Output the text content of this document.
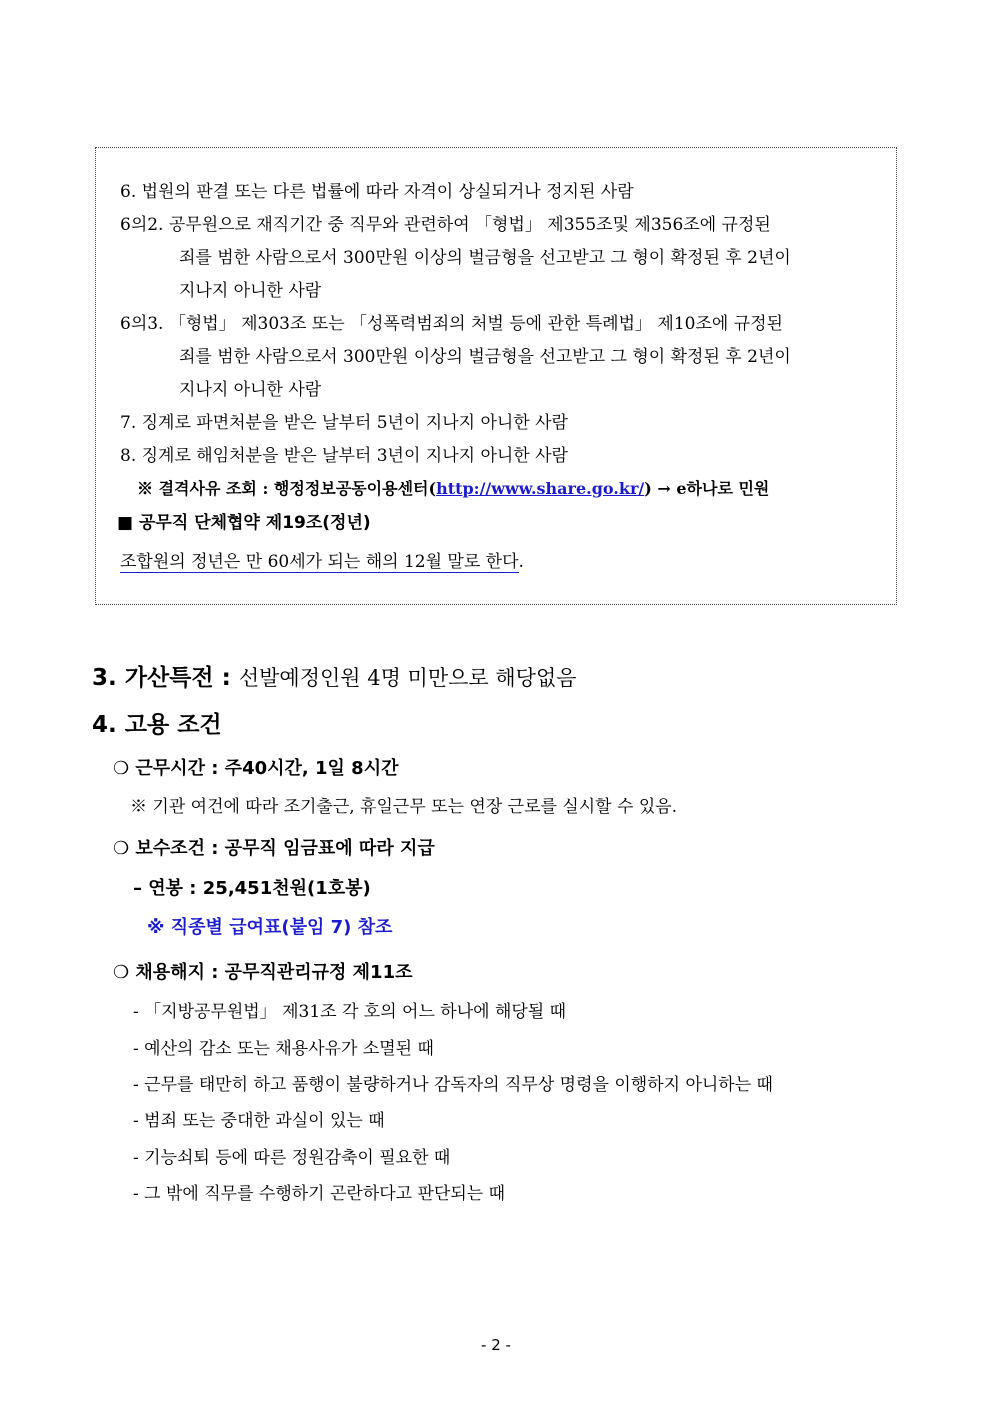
6. 법원의 판결 또는 다른 법률에 따라 자격이 상실되거나 정지된 사람
6의2. 공무원으로 재직기간 중 직무와 관련하여 「형법」 제355조및 제356조에 규정된
죄를 범한 사람으로서 300만원 이상의 벌금형을 선고받고 그 형이 확정된 후 2년이
지나지 아니한 사람
6의3. 「형법」 제303조 또는 「성폭력범죄의 처벌 등에 관한 특례법」 제10조에 규정된
죄를 범한 사람으로서 300만원 이상의 벌금형을 선고받고 그 형이 확정된 후 2년이
지나지 아니한 사람
7. 징계로 파면처분을 받은 날부터 5년이 지나지 아니한 사람
8. 징계로 해임처분을 받은 날부터 3년이 지나지 아니한 사람
※ 결격사유 조회 : 행정정보공동이용센터(http://www.share.go.kr/) → e하나로 민원
■ 공무직 단체협약 제19조(정년)
조합원의 정년은 만 60세가 되는 해의 12월 말로 한다.
3. 가산특전 : 선발예정인원 4명 미만으로 해당없음
4. 고용 조건
❍ 근무시간 : 주40시간, 1일 8시간
※ 기관 여건에 따라 조기출근, 휴일근무 또는 연장 근로를 실시할 수 있음.
❍ 보수조건 : 공무직 임금표에 따라 지급
– 연봉 : 25,451천원(1호봉)
※ 직종별 급여표(붙임 7) 참조
❍ 채용해지 : 공무직관리규정 제11조
- 「지방공무원법」 제31조 각 호의 어느 하나에 해당될 때
- 예산의 감소 또는 채용사유가 소멸된 때
- 근무를 태만히 하고 품행이 불량하거나 감독자의 직무상 명령을 이행하지 아니하는 때
- 범죄 또는 중대한 과실이 있는 때
- 기능쇠퇴 등에 따른 정원감축이 필요한 때
- 그 밖에 직무를 수행하기 곤란하다고 판단되는 때
- 2 -
